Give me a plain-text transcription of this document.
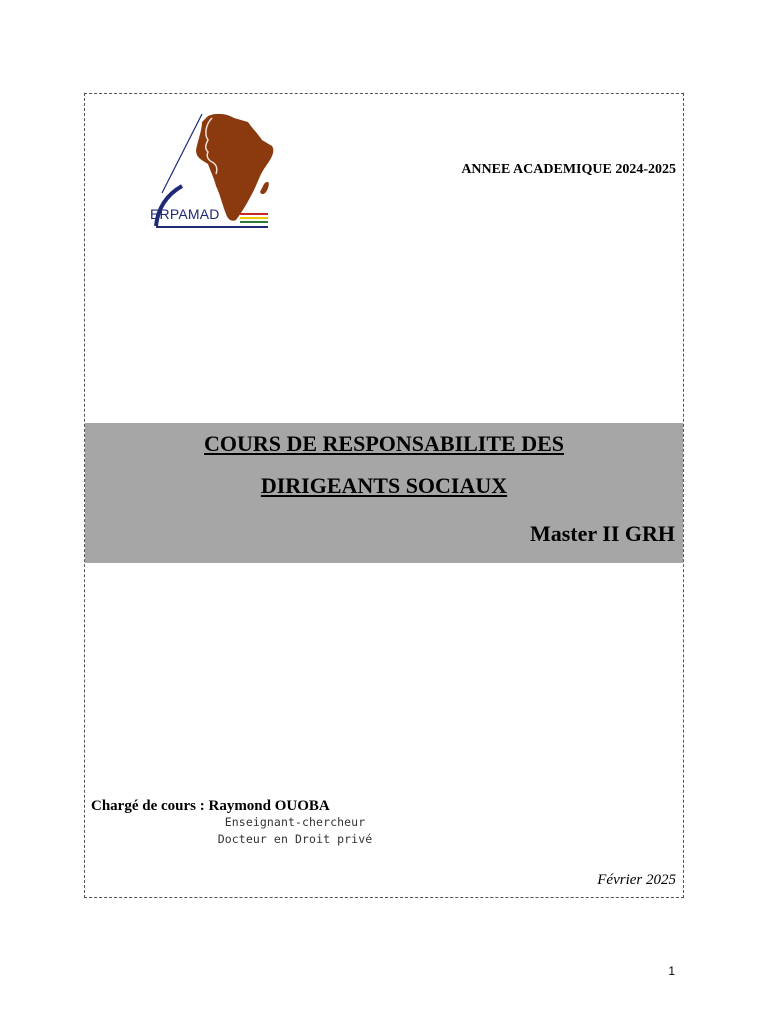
ERPAMAD
ANNEE ACADEMIQUE 2024-2025
COURS DE RESPONSABILITE DES
DIRIGEANTS SOCIAUX
Master II GRH
Chargé de cours : Raymond OUOBA
Enseignant-chercheur
Docteur en Droit privé
Février 2025
1
